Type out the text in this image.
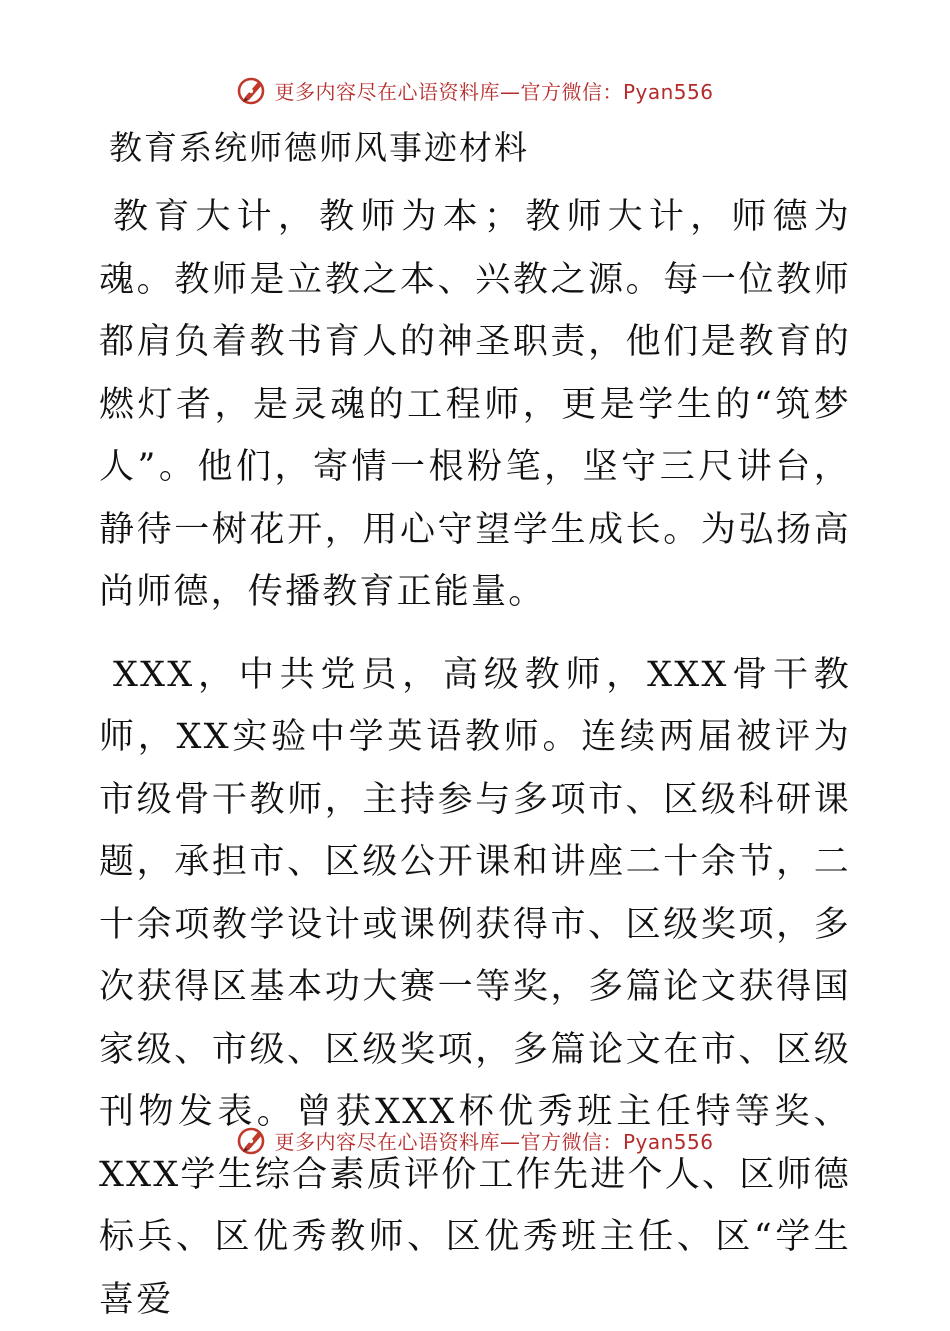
更多内容尽在心语资料库—官方微信：Pyan556
教育系统师德师风事迹材料

教育大计，教师为本；教师大计，师德为魂。教师是立教之本、兴教之源。每一位教师都肩负着教书育人的神圣职责，他们是教育的燃灯者，是灵魂的工程师，更是学生的“筑梦人”。他们，寄情一根粉笔，坚守三尺讲台，静待一树花开，用心守望学生成长。为弘扬高尚师德，传播教育正能量。

XXX，中共党员，高级教师，XXX骨干教师，XX实验中学英语教师。连续两届被评为市级骨干教师，主持参与多项市、区级科研课题，承担市、区级公开课和讲座二十余节，二十余项教学设计或课例获得市、区级奖项，多次获得区基本功大赛一等奖，多篇论文获得国家级、市级、区级奖项，多篇论文在市、区级刊物发表。曾获XXX杯优秀班主任特等奖、XXX学生综合素质评价工作先进个人、区师德标兵、区优秀教师、区优秀班主任、区“学生喜爱

更多内容尽在心语资料库—官方微信：Pyan556
